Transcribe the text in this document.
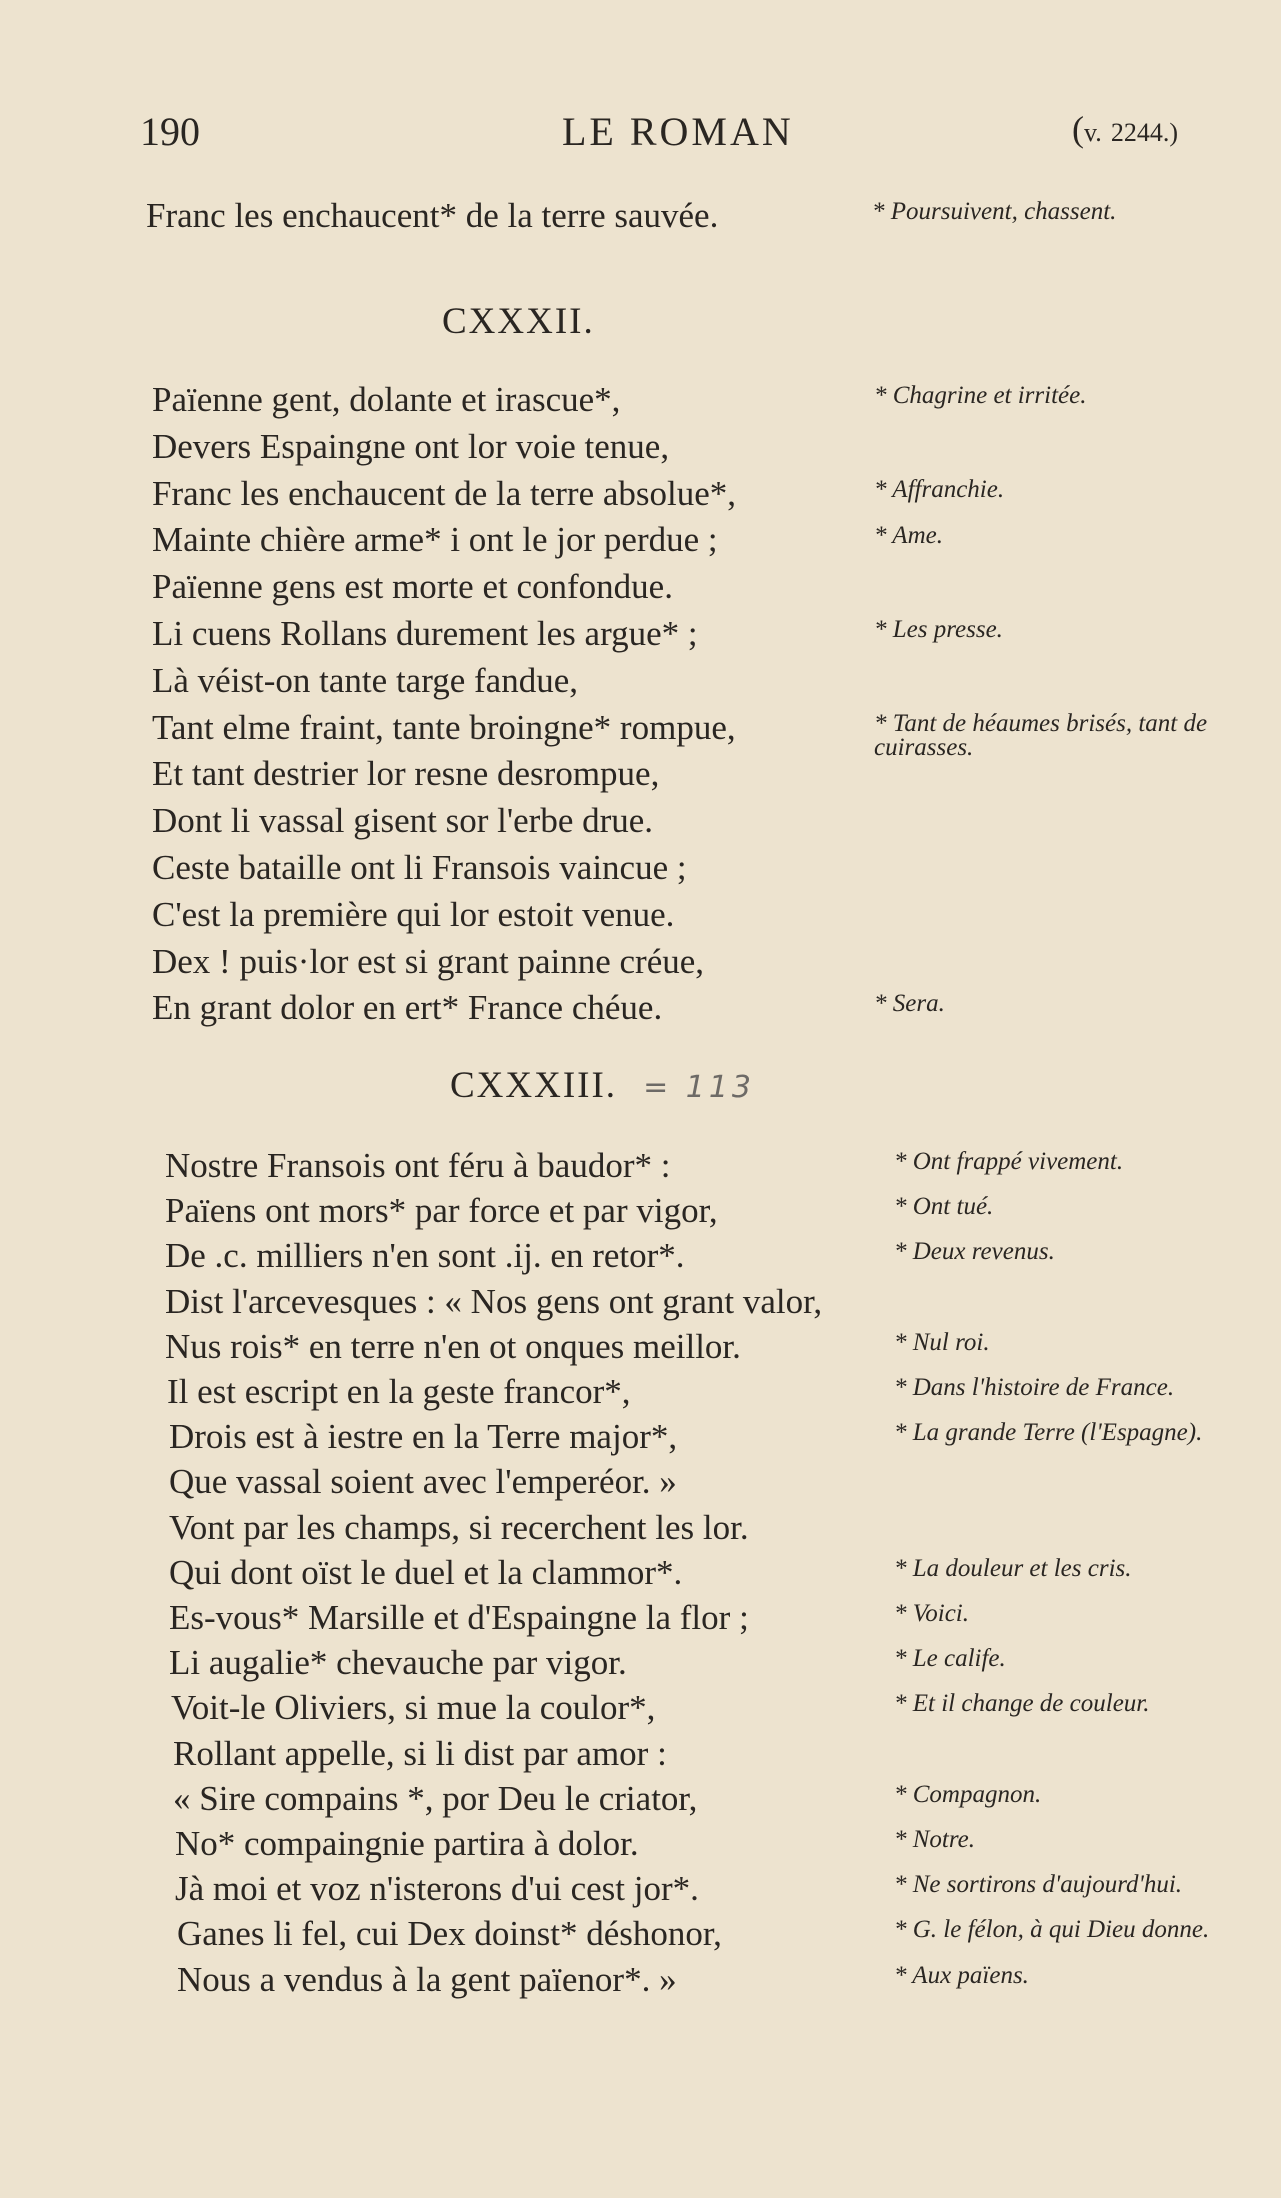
190	LE ROMAN	(v. 2244.)
Franc les enchaucent* de la terre sauvée.	* Poursuivent, chassent.
CXXXII.
Païenne gent, dolante et irascue*,	* Chagrine et irritée.
Devers Espaingne ont lor voie tenue,
Franc les enchaucent de la terre absolue*,	* Affranchie.
Mainte chière arme* i ont le jor perdue ;	* Ame.
Païenne gens est morte et confondue.
Li cuens Rollans durement les argue* ;	* Les presse.
Là véist-on tante targe fandue,
Tant elme fraint, tante broingne* rompue,	* Tant de héaumes brisés, tant de cuirasses.
Et tant destrier lor resne desrompue,
Dont li vassal gisent sor l'erbe drue.
Ceste bataille ont li Fransois vaincue ;
C'est la première qui lor estoit venue.
Dex ! puis·lor est si grant painne créue,
En grant dolor en ert* France chéue.	* Sera.
CXXXIII. = 113
Nostre Fransois ont féru à baudor* :	* Ont frappé vivement.
Païens ont mors* par force et par vigor,	* Ont tué.
De .c. milliers n'en sont .ij. en retor*.	* Deux revenus.
Dist l'arcevesques : « Nos gens ont grant valor,
Nus rois* en terre n'en ot onques meillor.	* Nul roi.
Il est escript en la geste francor*,	* Dans l'histoire de France.
Drois est à iestre en la Terre major*,	* La grande Terre (l'Espagne).
Que vassal soient avec l'emperéor. »
Vont par les champs, si recerchent les lor.
Qui dont oïst le duel et la clammor*.	* La douleur et les cris.
Es-vous* Marsille et d'Espaingne la flor ;	* Voici.
Li augalie* chevauche par vigor.	* Le calife.
Voit-le Oliviers, si mue la coulor*,	* Et il change de couleur.
Rollant appelle, si li dist par amor :
« Sire compains *, por Deu le criator,	* Compagnon.
No* compaingnie partira à dolor.	* Notre.
Jà moi et voz n'isterons d'ui cest jor*.	* Ne sortirons d'aujourd'hui.
Ganes li fel, cui Dex doinst* déshonor,	* G. le félon, à qui Dieu donne.
Nous a vendus à la gent païenor*. »	* Aux païens.
